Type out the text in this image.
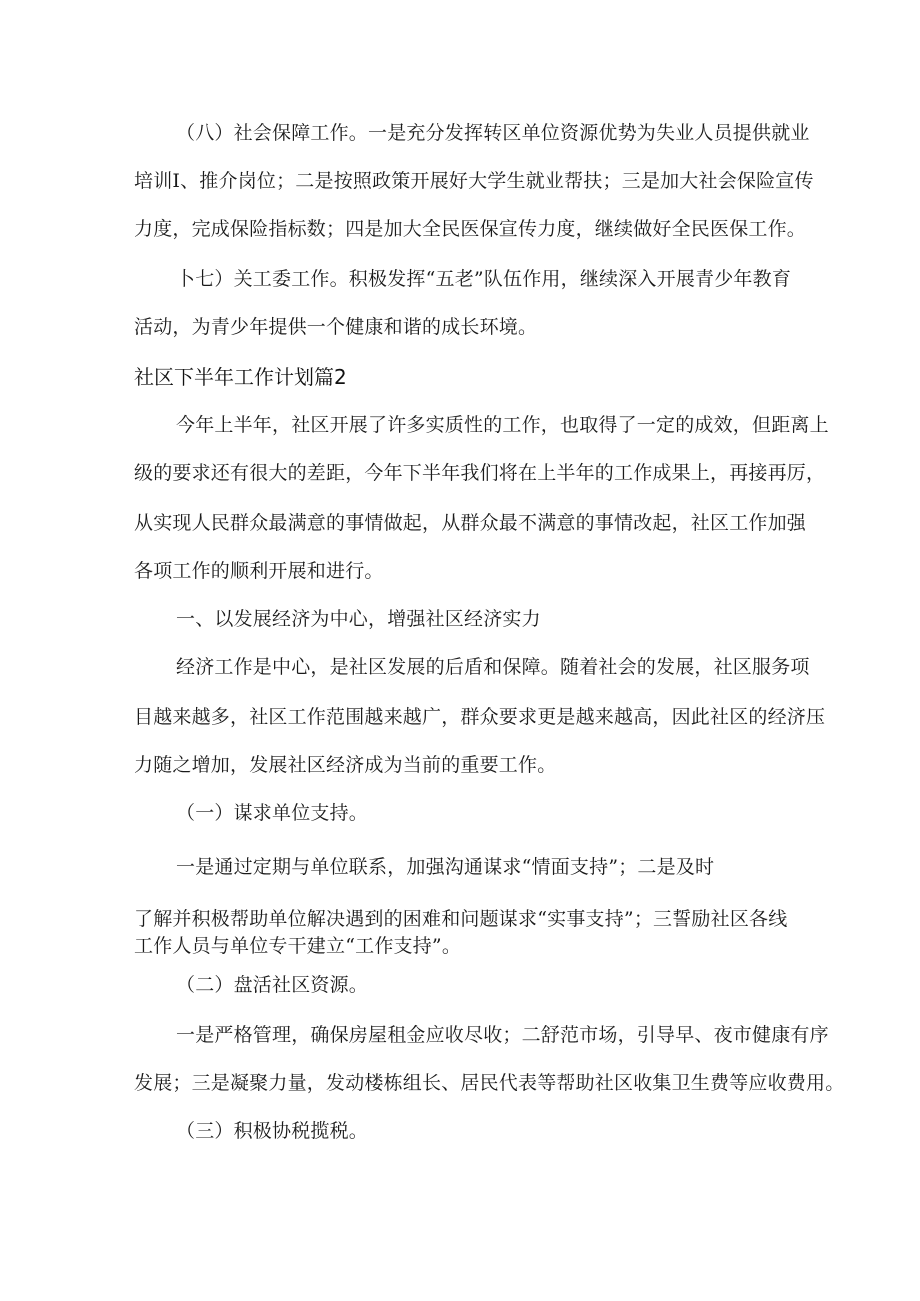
（八）社会保障工作。一是充分发挥转区单位资源优势为失业人员提供就业
培训I、推介岗位；二是按照政策开展好大学生就业帮扶；三是加大社会保险宣传
力度，完成保险指标数；四是加大全民医保宣传力度，继续做好全民医保工作。
卜七）关工委工作。积极发挥“五老”队伍作用，继续深入开展青少年教育
活动，为青少年提供一个健康和谐的成长环境。
社区下半年工作计划篇2
今年上半年，社区开展了许多实质性的工作，也取得了一定的成效，但距离上
级的要求还有很大的差距，今年下半年我们将在上半年的工作成果上，再接再厉，
从实现人民群众最满意的事情做起，从群众最不满意的事情改起，社区工作加强
各项工作的顺利开展和进行。
一、以发展经济为中心，增强社区经济实力
经济工作是中心，是社区发展的后盾和保障。随着社会的发展，社区服务项
目越来越多，社区工作范围越来越广，群众要求更是越来越高，因此社区的经济压
力随之增加，发展社区经济成为当前的重要工作。
（一）谋求单位支持。
一是通过定期与单位联系，加强沟通谋求“情面支持”；二是及时
了解并积极帮助单位解决遇到的困难和问题谋求“实事支持”；三誓励社区各线
工作人员与单位专干建立“工作支持”。
（二）盘活社区资源。
一是严格管理，确保房屋租金应收尽收；二舒范市场，引导早、夜市健康有序
发展；三是凝聚力量，发动楼栋组长、居民代表等帮助社区收集卫生费等应收费用。
（三）积极协税揽税。
